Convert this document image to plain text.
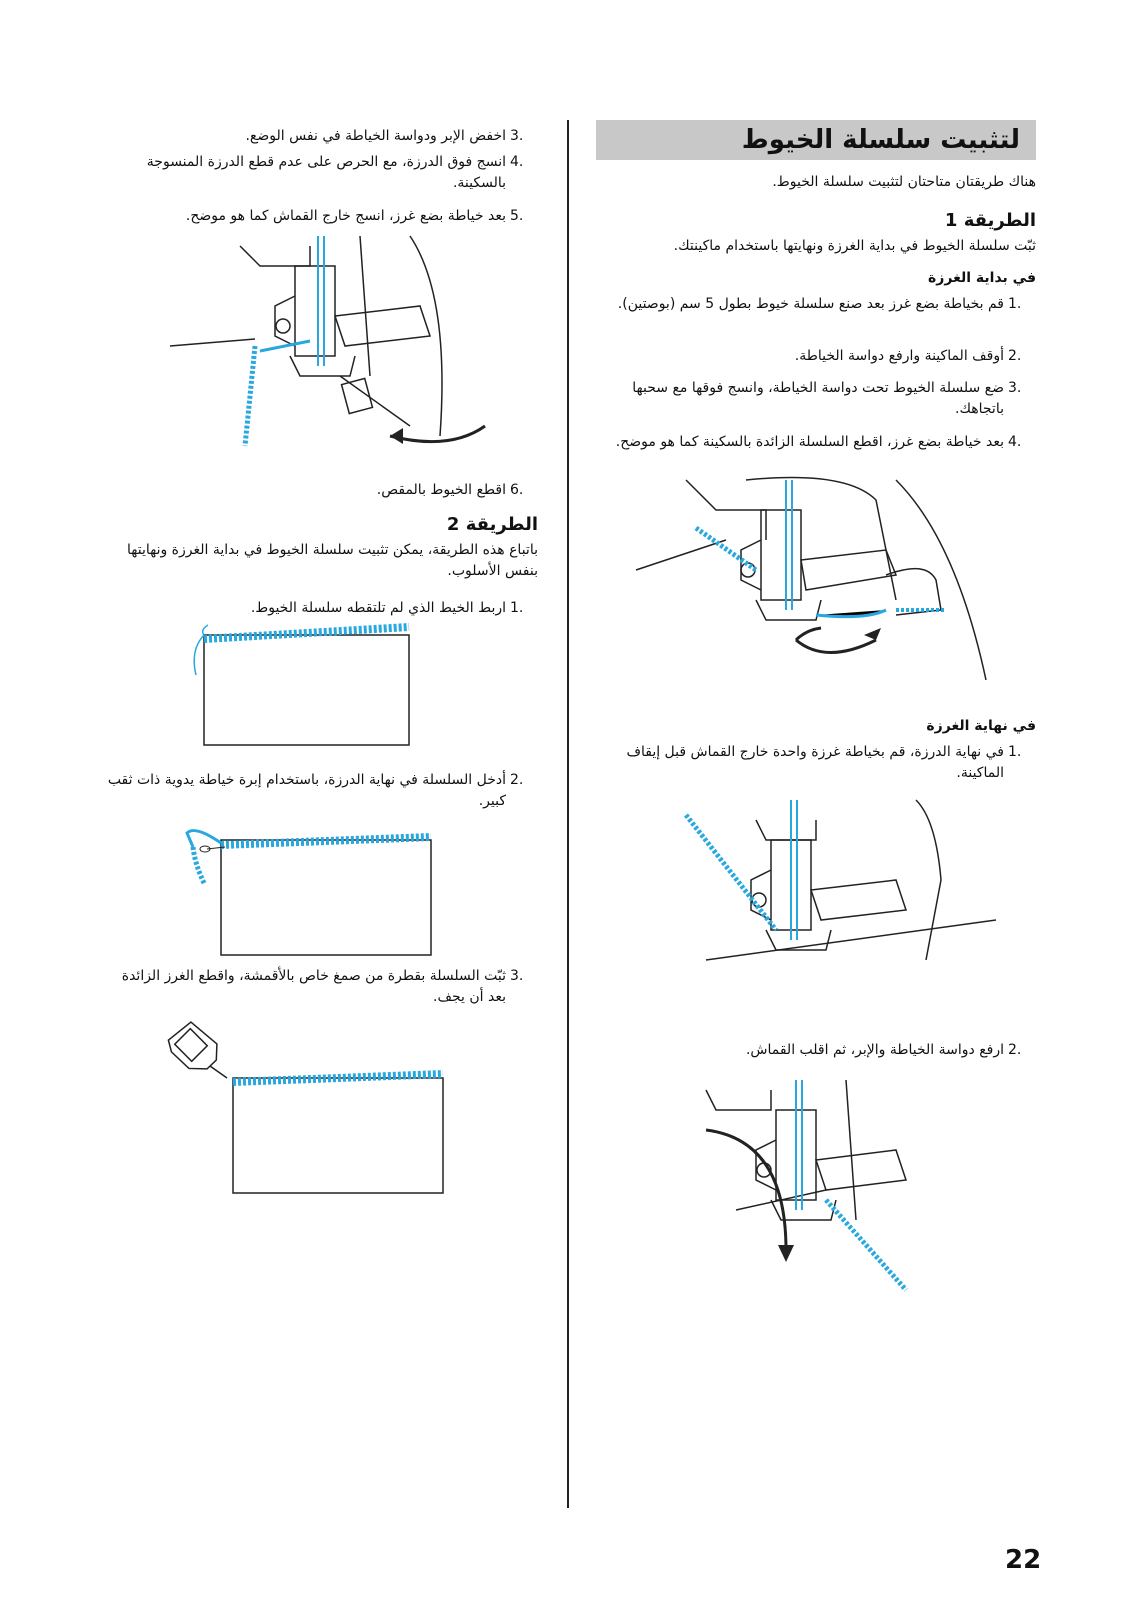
لتثبيت سلسلة الخيوط

هناك طريقتان متاحتان لتثبيت سلسلة الخيوط.

الطريقة 1

ثبّت سلسلة الخيوط في بداية الغرزة ونهايتها باستخدام ماكينتك.

في بداية الغرزة

.1
قم بخياطة بضع غرز بعد صنع سلسلة خيوط بطول 5 سم (بوصتين).
.2
أوقف الماكينة وارفع دواسة الخياطة.
.3
ضع سلسلة الخيوط تحت دواسة الخياطة، وانسج فوقها مع سحبها باتجاهك.
.4
بعد خياطة بضع غرز، اقطع السلسلة الزائدة بالسكينة كما هو موضح.

في نهاية الغرزة

.1
في نهاية الدرزة، قم بخياطة غرزة واحدة خارج القماش قبل إيقاف الماكينة.
.2
ارفع دواسة الخياطة والإبر، ثم اقلب القماش.
.3
اخفض الإبر ودواسة الخياطة في نفس الوضع.
.4
انسج فوق الدرزة، مع الحرص على عدم قطع الدرزة المنسوجة بالسكينة.
.5
بعد خياطة بضع غرز، انسج خارج القماش كما هو موضح.
.6
اقطع الخيوط بالمقص.

الطريقة 2

باتباع هذه الطريقة، يمكن تثبيت سلسلة الخيوط في بداية الغرزة ونهايتها بنفس الأسلوب.

.1
اربط الخيط الذي لم تلتقطه سلسلة الخيوط.
.2
أدخل السلسلة في نهاية الدرزة، باستخدام إبرة خياطة يدوية ذات ثقب كبير.
.3
ثبّت السلسلة بقطرة من صمغ خاص بالأقمشة، واقطع الغرز الزائدة بعد أن يجف.
22
